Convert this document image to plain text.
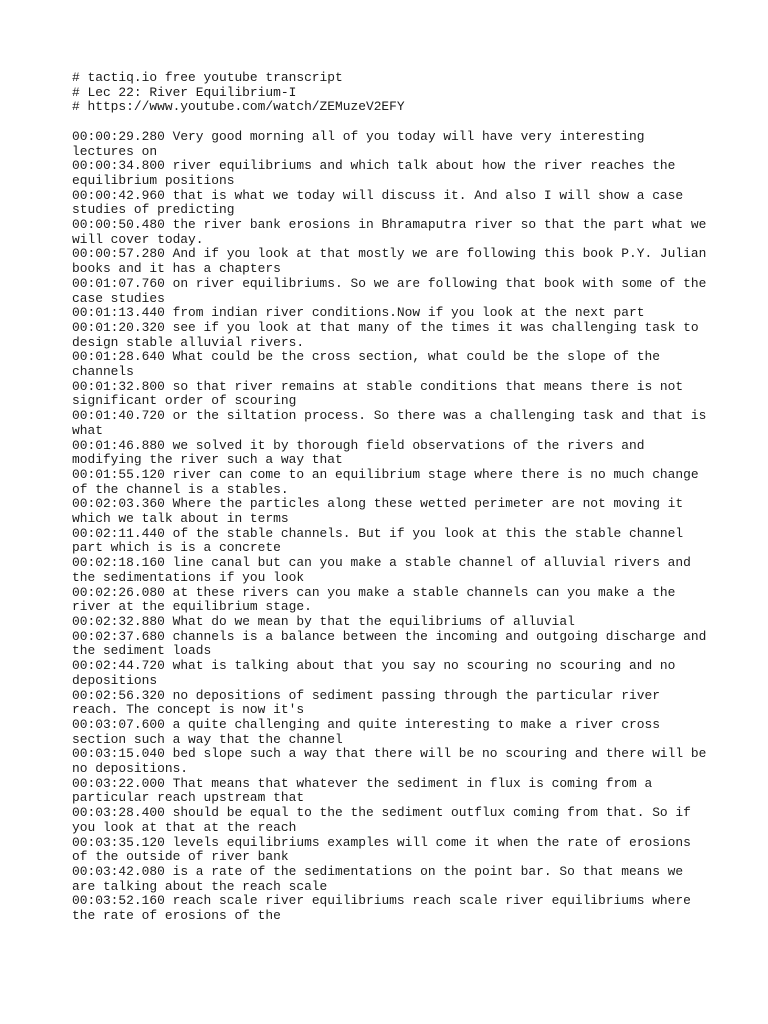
# tactiq.io free youtube transcript
# Lec 22: River Equilibrium-I
# https://www.youtube.com/watch/ZEMuzeV2EFY
00:00:29.280 Very good morning all of you today will have very interesting lectures on
00:00:34.800 river equilibriums and which talk about how the river reaches the equilibrium positions
00:00:42.960 that is what we today will discuss it. And also I will show a case studies of predicting
00:00:50.480 the river bank erosions in Bhramaputra river so that the part what we will cover today.
00:00:57.280 And if you look at that mostly we are following this book P.Y. Julian books and it has a chapters
00:01:07.760 on river equilibriums. So we are following that book with some of the case studies
00:01:13.440 from indian river conditions.Now if you look at the next part
00:01:20.320 see if you look at that many of the times it was challenging task to design stable alluvial rivers.
00:01:28.640 What could be the cross section, what could be the slope of the channels
00:01:32.800 so that river remains at stable conditions that means there is not significant order of scouring
00:01:40.720 or the siltation process. So there was a challenging task and that is what
00:01:46.880 we solved it by thorough field observations of the rivers and modifying the river such a way that
00:01:55.120 river can come to an equilibrium stage where there is no much change of the channel is a stables.
00:02:03.360 Where the particles along these wetted perimeter are not moving it which we talk about in terms
00:02:11.440 of the stable channels. But if you look at this the stable channel part which is is a concrete
00:02:18.160 line canal but can you make a stable channel of alluvial rivers and the sedimentations if you look
00:02:26.080 at these rivers can you make a stable channels can you make a the river at the equilibrium stage.
00:02:32.880 What do we mean by that the equilibriums of alluvial
00:02:37.680 channels is a balance between the incoming and outgoing discharge and the sediment loads
00:02:44.720 what is talking about that you say no scouring no scouring and no depositions
00:02:56.320 no depositions of sediment passing through the particular river reach. The concept is now it's
00:03:07.600 a quite challenging and quite interesting to make a river cross section such a way that the channel
00:03:15.040 bed slope such a way that there will be no scouring and there will be no depositions.
00:03:22.000 That means that whatever the sediment in flux is coming from a particular reach upstream that
00:03:28.400 should be equal to the the sediment outflux coming from that. So if you look at that at the reach
00:03:35.120 levels equilibriums examples will come it when the rate of erosions of the outside of river bank
00:03:42.080 is a rate of the sedimentations on the point bar. So that means we are talking about the reach scale
00:03:52.160 reach scale river equilibriums reach scale river equilibriums where the rate of erosions of the
